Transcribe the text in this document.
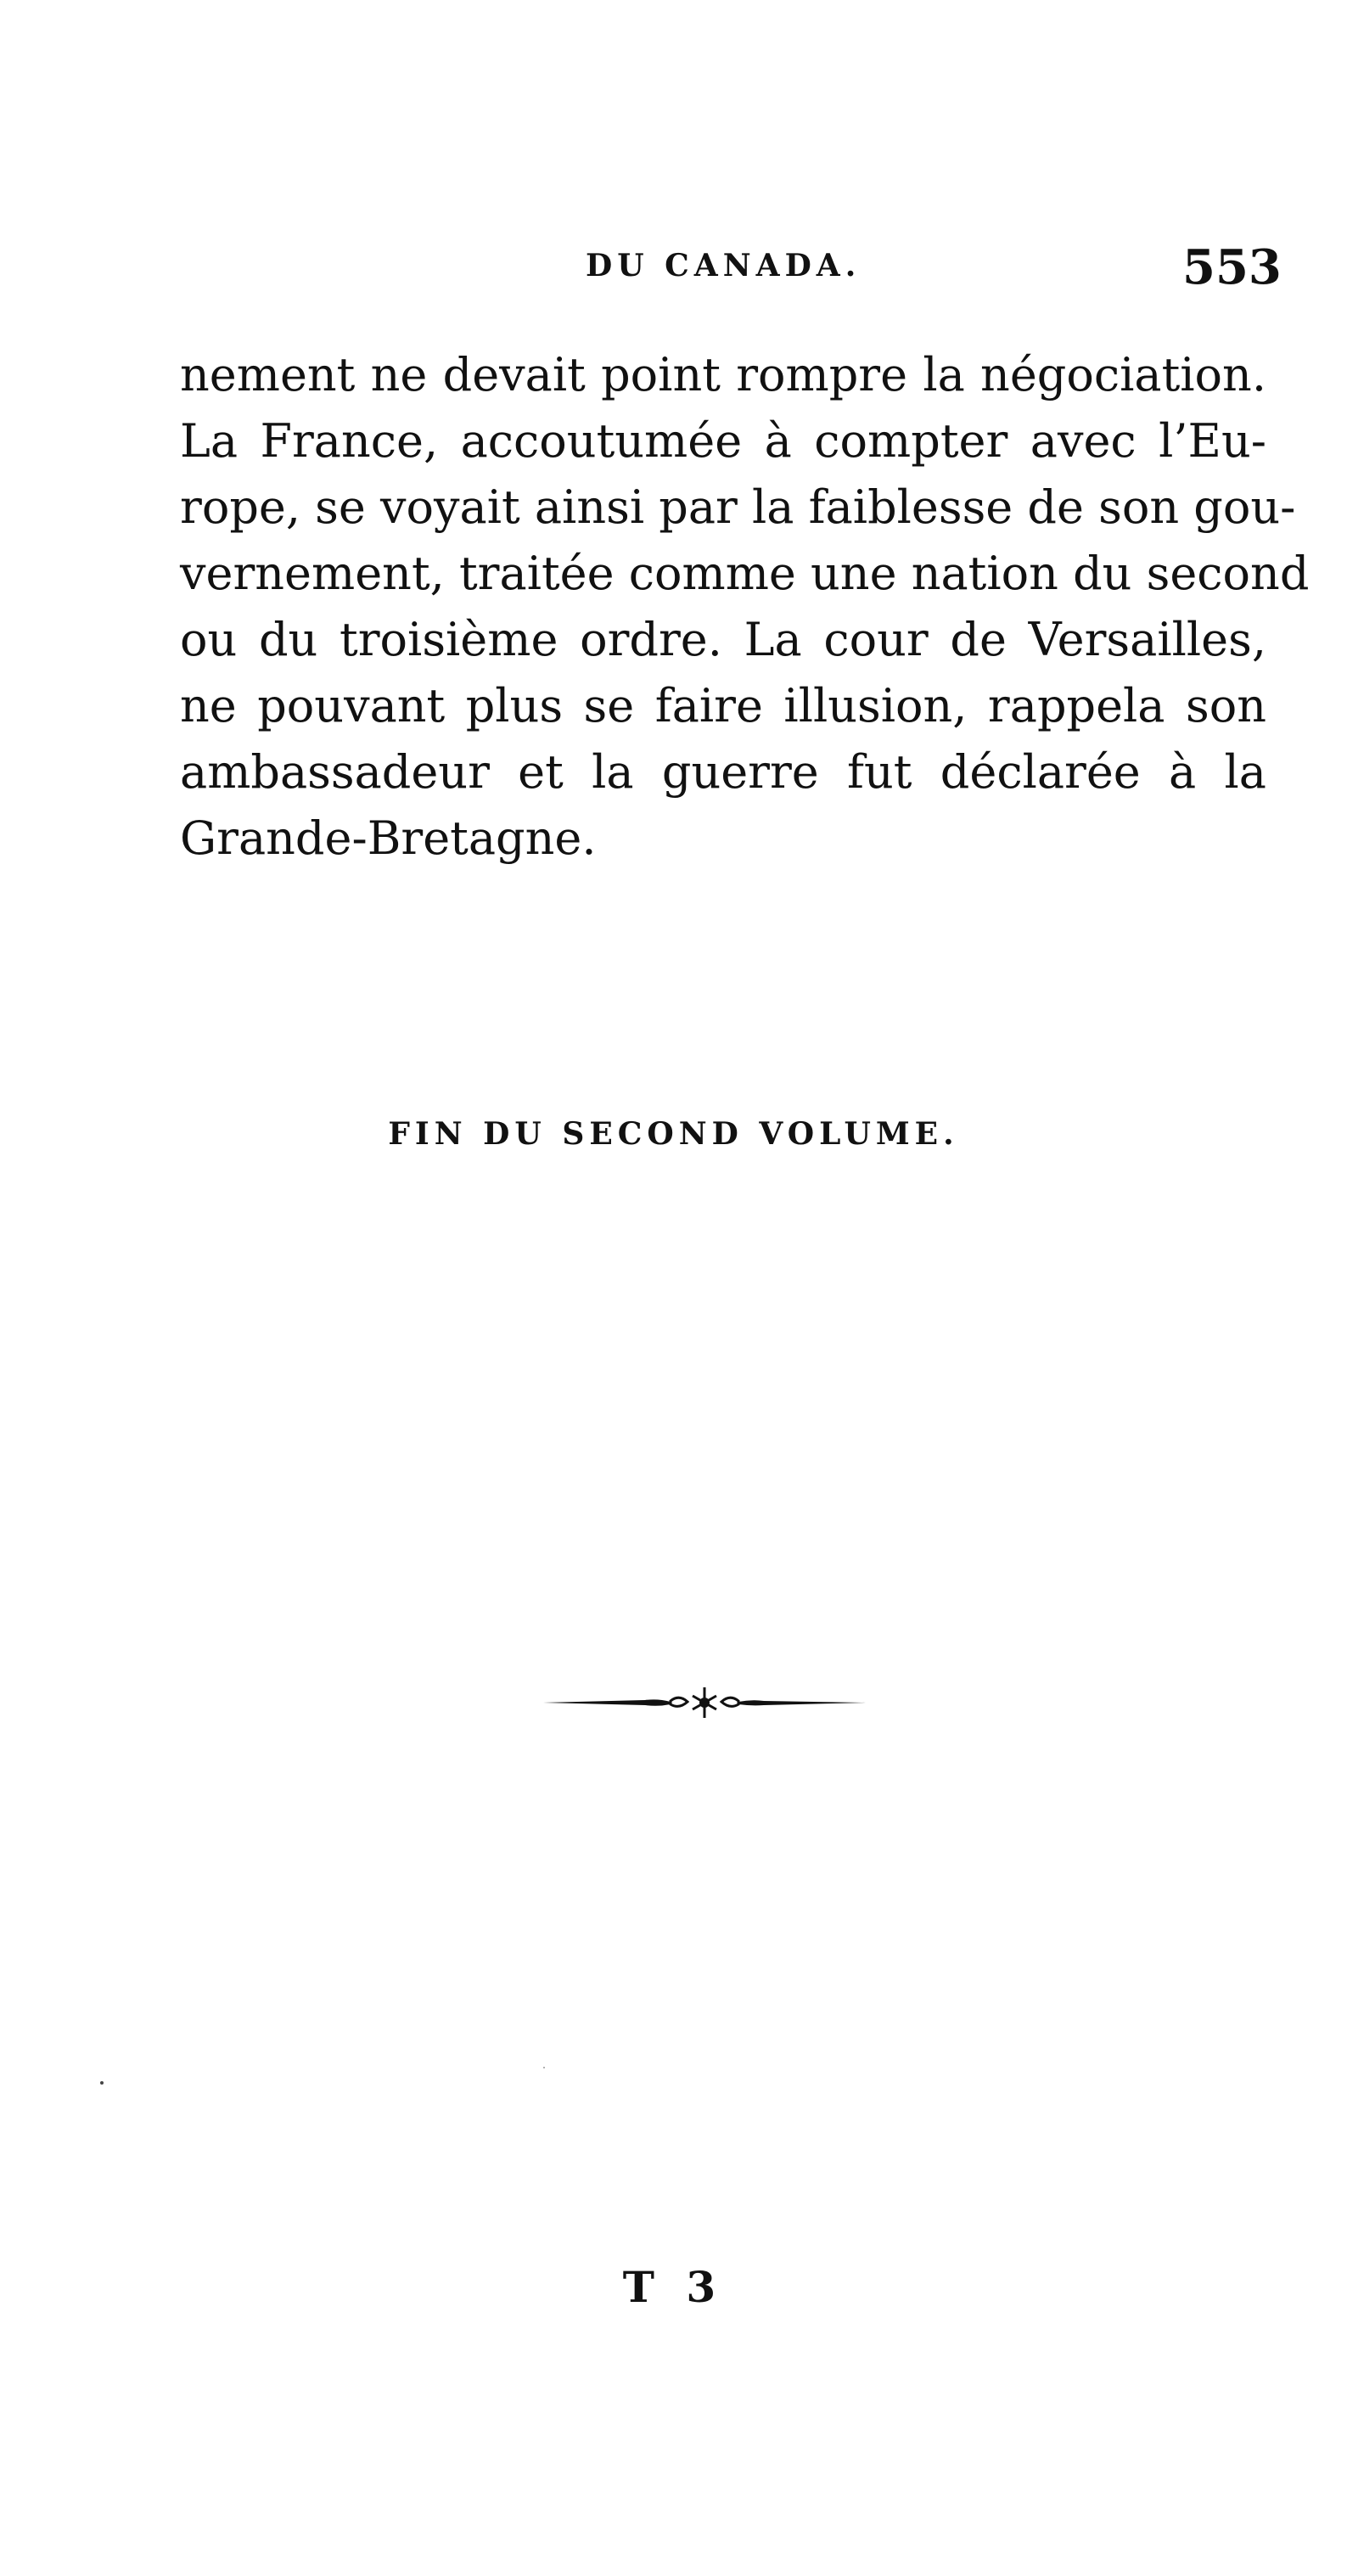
DU CANADA.	553
nement ne devait point rompre la négociation.
La France, accoutumée à compter avec l’Eu-
rope, se voyait ainsi par la faiblesse de son gou-
vernement, traitée comme une nation du second
ou du troisième ordre. La cour de Versailles,
ne pouvant plus se faire illusion, rappela son
ambassadeur et la guerre fut déclarée à la
Grande-Bretagne.
FIN DU SECOND VOLUME.
T 3
